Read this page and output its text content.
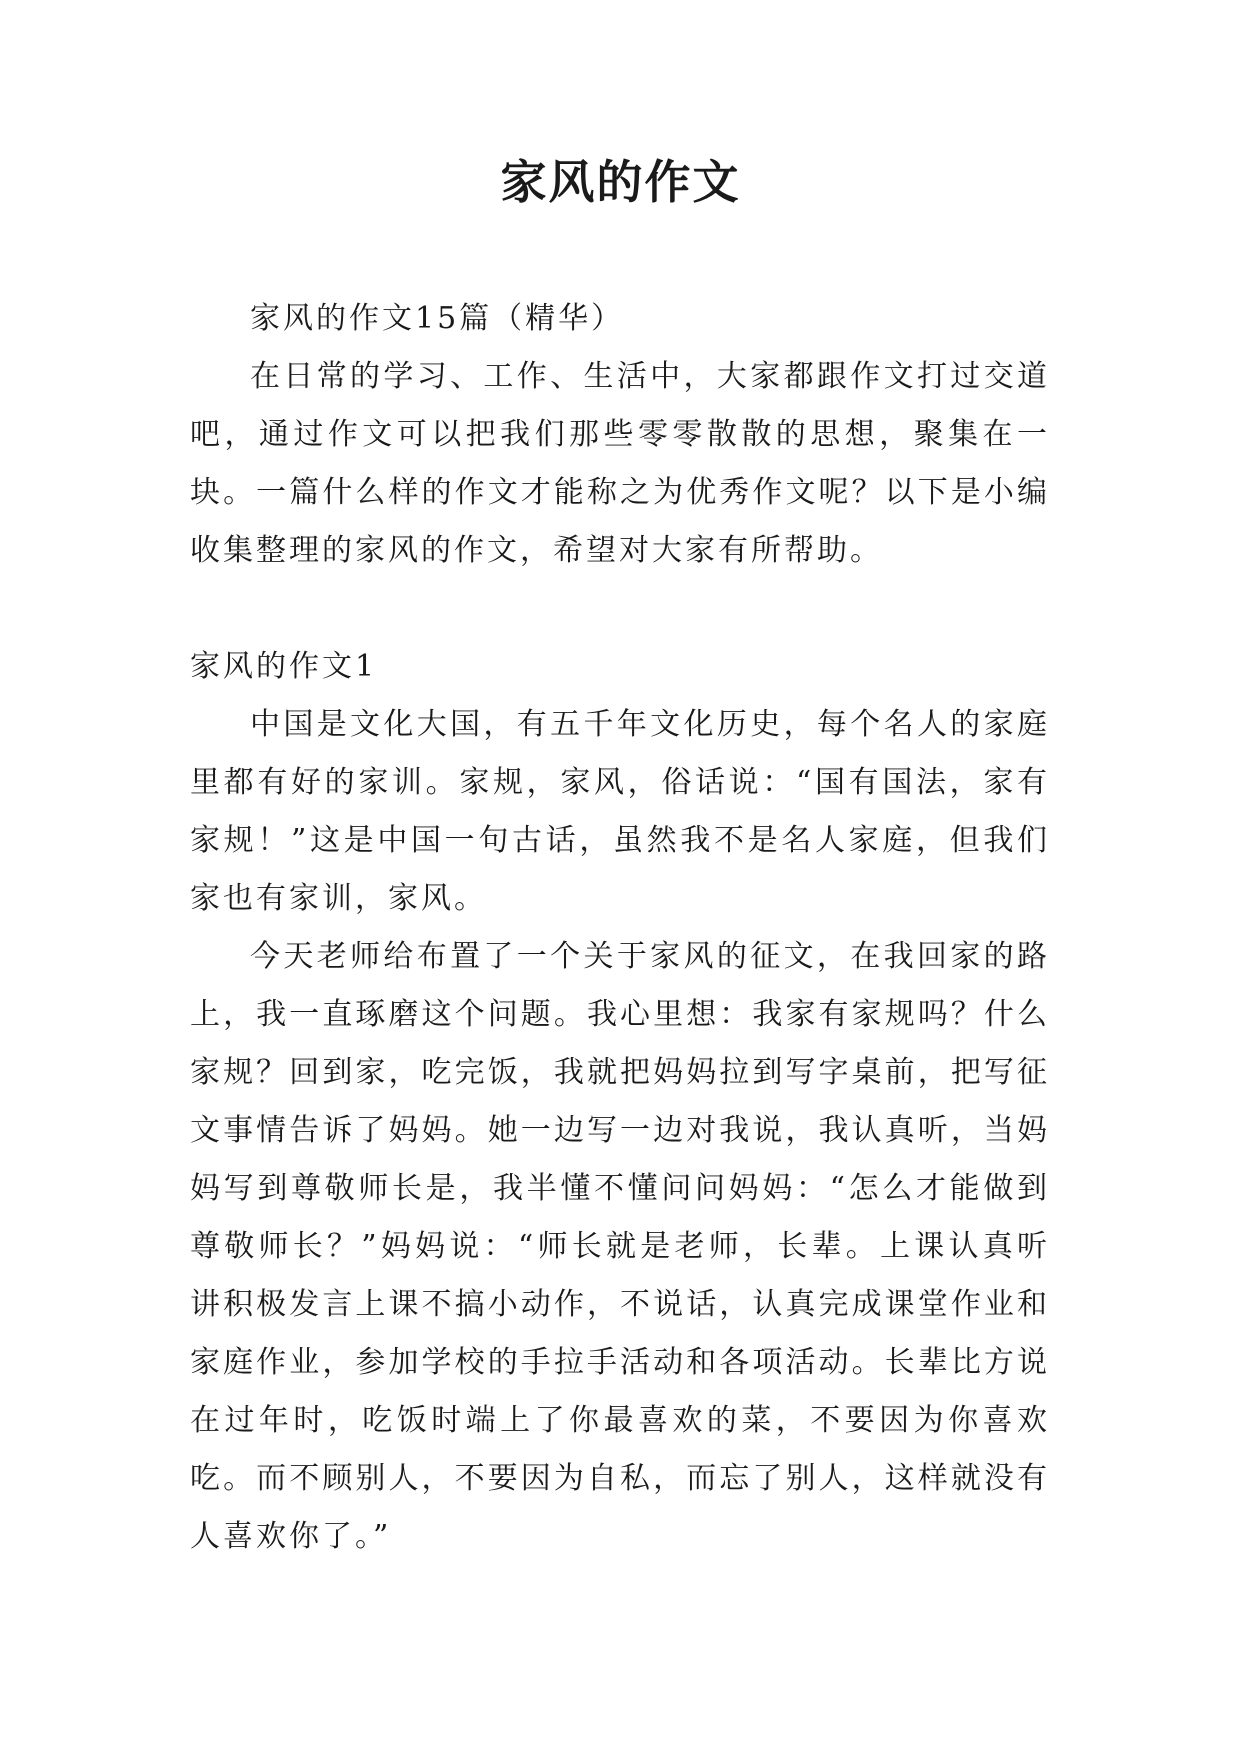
家风的作文

家风的作文15篇（精华）

在日常的学习、工作、生活中，大家都跟作文打过交道吧，通过作文可以把我们那些零零散散的思想，聚集在一块。一篇什么样的作文才能称之为优秀作文呢？以下是小编收集整理的家风的作文，希望对大家有所帮助。

家风的作文1

中国是文化大国，有五千年文化历史，每个名人的家庭里都有好的家训。家规，家风，俗话说：“国有国法，家有家规！”这是中国一句古话，虽然我不是名人家庭，但我们家也有家训，家风。

今天老师给布置了一个关于家风的征文，在我回家的路上，我一直琢磨这个问题。我心里想：我家有家规吗？什么家规？回到家，吃完饭，我就把妈妈拉到写字桌前，把写征文事情告诉了妈妈。她一边写一边对我说，我认真听，当妈妈写到尊敬师长是，我半懂不懂问问妈妈：“怎么才能做到尊敬师长？”妈妈说：“师长就是老师，长辈。上课认真听讲积极发言上课不搞小动作，不说话，认真完成课堂作业和家庭作业，参加学校的手拉手活动和各项活动。长辈比方说在过年时，吃饭时端上了你最喜欢的菜，不要因为你喜欢吃。而不顾别人，不要因为自私，而忘了别人，这样就没有人喜欢你了。”
